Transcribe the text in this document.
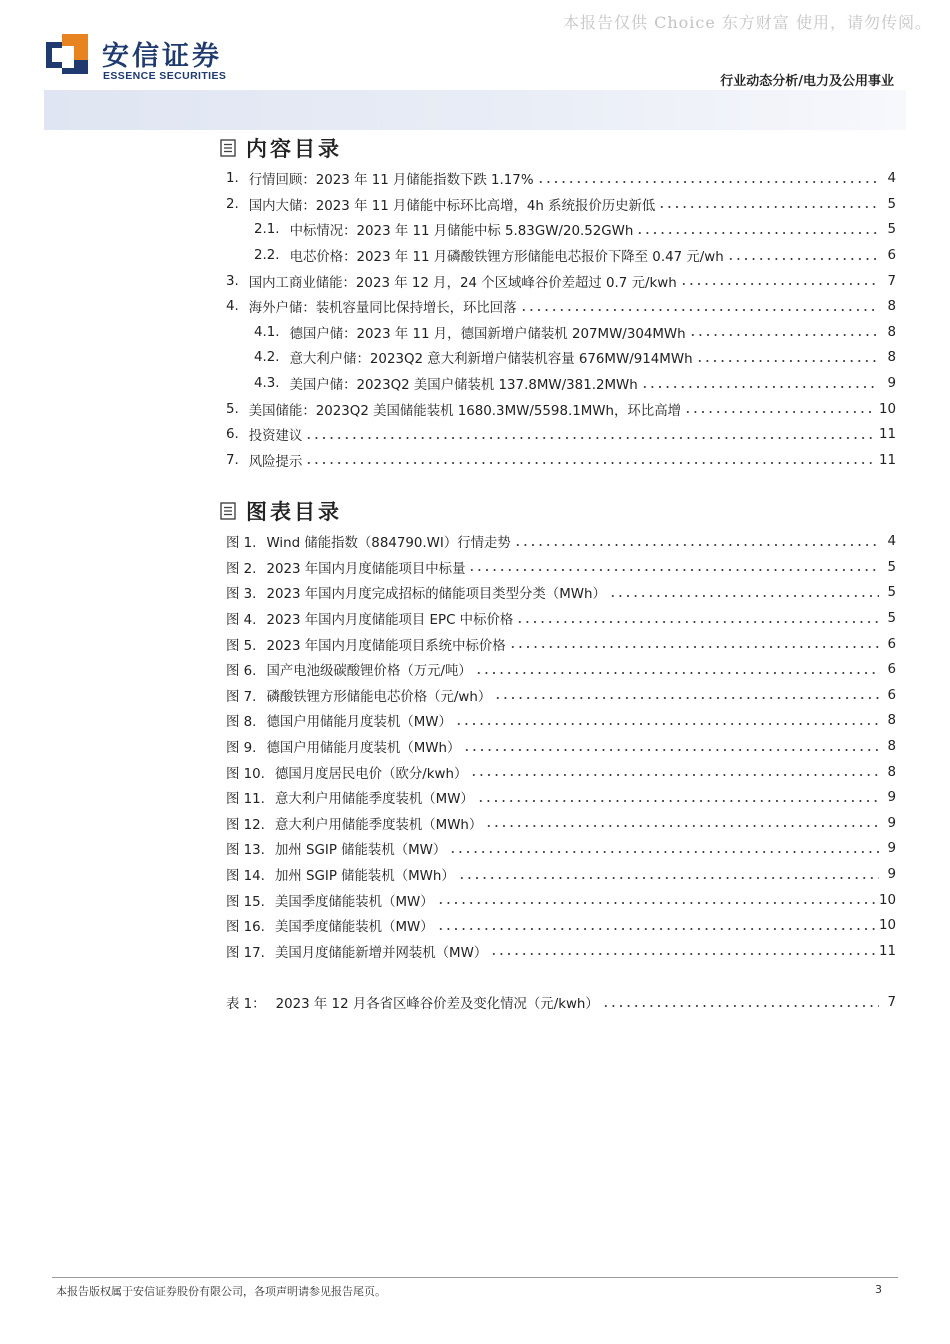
本报告仅供 Choice 东方财富 使用，请勿传阅。
安信证券
ESSENCE SECURITIES	行业动态分析/电力及公用事业
内容目录
1. 行情回顾：2023 年 11 月储能指数下跌 1.17%	4
2. 国内大储：2023 年 11 月储能中标环比高增，4h 系统报价历史新低	5
2.1. 中标情况：2023 年 11 月储能中标 5.83GW/20.52GWh	5
2.2. 电芯价格：2023 年 11 月磷酸铁锂方形储能电芯报价下降至 0.47 元/wh	6
3. 国内工商业储能：2023 年 12 月，24 个区域峰谷价差超过 0.7 元/kwh	7
4. 海外户储：装机容量同比保持增长，环比回落	8
4.1. 德国户储：2023 年 11 月，德国新增户储装机 207MW/304MWh	8
4.2. 意大利户储：2023Q2 意大利新增户储装机容量 676MW/914MWh	8
4.3. 美国户储：2023Q2 美国户储装机 137.8MW/381.2MWh	9
5. 美国储能：2023Q2 美国储能装机 1680.3MW/5598.1MWh，环比高增	10
6. 投资建议	11
7. 风险提示	11
图表目录
图 1. Wind 储能指数（884790.WI）行情走势	4
图 2. 2023 年国内月度储能项目中标量	5
图 3. 2023 年国内月度完成招标的储能项目类型分类（MWh）	5
图 4. 2023 年国内月度储能项目 EPC 中标价格	5
图 5. 2023 年国内月度储能项目系统中标价格	6
图 6. 国产电池级碳酸锂价格（万元/吨）	6
图 7. 磷酸铁锂方形储能电芯价格（元/wh）	6
图 8. 德国户用储能月度装机（MW）	8
图 9. 德国户用储能月度装机（MWh）	8
图 10. 德国月度居民电价（欧分/kwh）	8
图 11. 意大利户用储能季度装机（MW）	9
图 12. 意大利户用储能季度装机（MWh）	9
图 13. 加州 SGIP 储能装机（MW）	9
图 14. 加州 SGIP 储能装机（MWh）	9
图 15. 美国季度储能装机（MW）	10
图 16. 美国季度储能装机（MW）	10
图 17. 美国月度储能新增并网装机（MW）	11
表 1： 2023 年 12 月各省区峰谷价差及变化情况（元/kwh）	7
本报告版权属于安信证券股份有限公司，各项声明请参见报告尾页。	3
